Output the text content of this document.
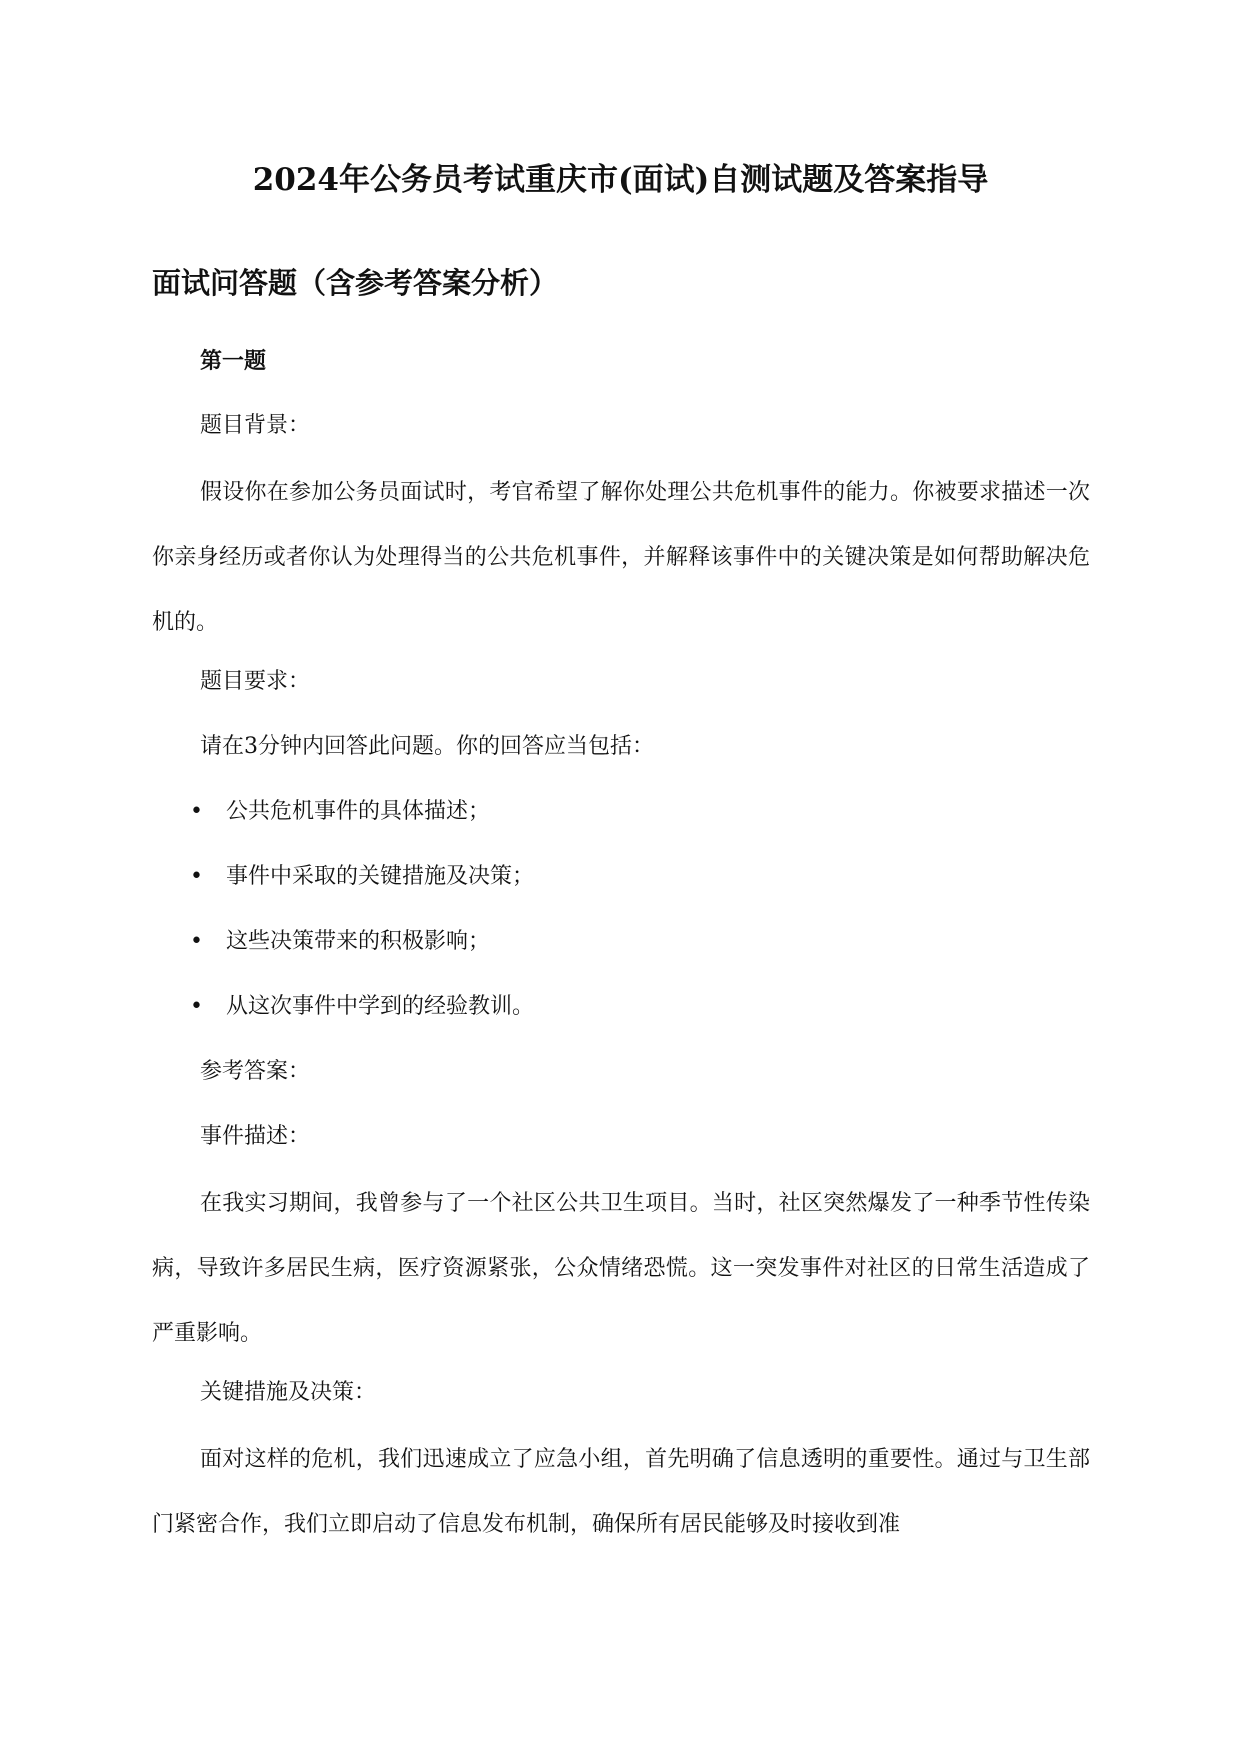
2024年公务员考试重庆市(面试)自测试题及答案指导
面试问答题（含参考答案分析）

第一题

题目背景：

假设你在参加公务员面试时，考官希望了解你处理公共危机事件的能力。你被要求描述一次你亲身经历或者你认为处理得当的公共危机事件，并解释该事件中的关键决策是如何帮助解决危机的。

题目要求：

请在3分钟内回答此问题。你的回答应当包括：

• 公共危机事件的具体描述；
• 事件中采取的关键措施及决策；
• 这些决策带来的积极影响；
• 从这次事件中学到的经验教训。

参考答案：

事件描述：

在我实习期间，我曾参与了一个社区公共卫生项目。当时，社区突然爆发了一种季节性传染病，导致许多居民生病，医疗资源紧张，公众情绪恐慌。这一突发事件对社区的日常生活造成了严重影响。

关键措施及决策：

面对这样的危机，我们迅速成立了应急小组，首先明确了信息透明的重要性。通过与卫生部门紧密合作，我们立即启动了信息发布机制，确保所有居民能够及时接收到准
